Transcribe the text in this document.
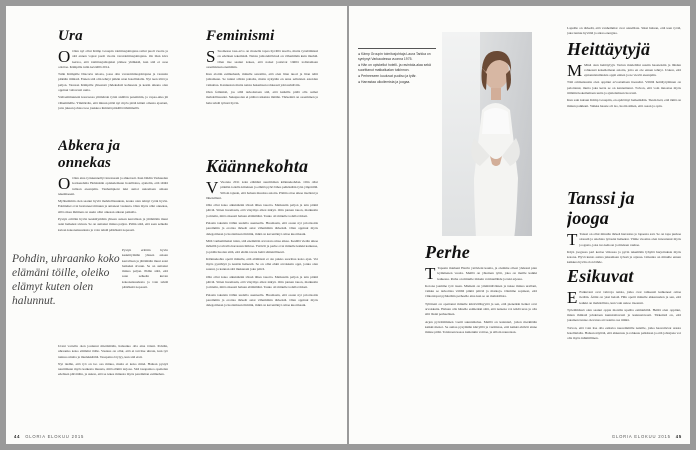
Ura

O Olen nyt ollut Kämp Groupin toimitusjohtajana reilut puoli vuotta ja sitä ennen vajaat puoli vuotta varatoimitusjohtajana. On ihan kiva kertoa, että toimitusjohtajaksi pääsee yhtäkkiä, kun sitä ei osaa odottaa. Kämpille tulin keväällä 2014.

Tulin Kämpille Diacoria talosta, jossa olin varatoimitusjohtajana ja vastasin pitkään tiimistä. Ennen sitä olin tehnyt pitkän uran hotellialalla. Nyt teen töitä ja paljon. Vastaan Kämpille yhteensä yhdeksästä kohteesta ja kesän aikana olen oppinut valtavasti uutta.

Vahvemmuuteni kasvaessa ymmärsin työni sisällön paremmin, ja vapaa-aika jäi vähemmälle. Ymmärrän, että minun pitää nyt myös pitää kiinni omasta ajastani, jotta jaksan johtaa isoa joukkoa ihmisiä pitkällä tähtäimellä.

Abkera ja onnekas

O Olen aina työskennellyt innoissani ja ahkerasti. Kun lähdin Varkauden kotiseudulta Helsinkiin opiskelemaan hotellialaa, ajattelin, että täältä tullaan eteenpäin. Vanhempieni tuki auttoi uskomaan omaan tekemiseeni.

Myöhemmin olen saanut hyviä mahdollisuuksia, koska olen tehnyt työni hyvin. Esimiehet ovat luottaneet minuun ja antaneet vastuuta. Olen myös ollut onnekas, sillä oikea ihminen on usein ollut oikeaan aikaan paikalla.

Pystyn erittäin hyvin keskittymään yhteen asiaan kerrallaan ja jättämään muut asiat hetkeksi sivuun. Se on auttanut minua paljon. Pidän siitä, että saan selkeän kuvan kokonaisuudesta ja voin tehdä päätöksiä nopeasti.

Pohdin, uhraanko koko elämäni töille, oleiko elämyt kuten olen halunnut.

Pystyn erittäin hyvin keskittymään yhteen asiaan kerrallaan ja jättämään muut asiat hetkeksi sivuun. Se on auttanut minua paljon. Pidän siitä, että saan selkeän kuvan kokonaisuudesta ja voin tehdä päätöksiä nopeasti.

Urani varrella olen joutunut miettimään, haluanko olla aina töissä. Pohdin, uhraanko koko elämäni töille. Vastaus on ollut, että ei tarvitse uhrata, kun työ tuntuu omalta ja mielekkäältä. Tasapaino löytyy, kun sitä etsii.

Nyt tiedän, että työ on iso osa minua, mutta ei koko minä. Haluan pystyä nauttimaan myös kaikesta muusta, mitä elämä tarjoaa. Sitä tasapainoa opettelen edelleen päivittäin, ja uskon, että se tekee minusta myös paremman esimiehen.

Feminismi

S Suomessa tasa-arvo on monella tapaa hyvällä tasolla, mutta työelämässä on edelleen tekemistä. Naisia johtotehtävissä on vähemmän kuin miehiä. Olen itse saanut kokea, että naiset joutuvat välillä todistamaan osaamistaan enemmän.

Kun aloitin esimiehenä, minulle sanottiin, että olen liian nuori ja liian nätti johtamaan. Se tuntui silloin pahalta, mutta nykyään en anna sellaisten asioiden vaikuttaa. Kannustan muita naisia hakemaan rohkeasti johtotehtäviin.

Olen feministi, jos sillä tarkoitetaan sitä, että kaikilla pitää olla samat mahdollisuudet. Sukupuolen ei pitäisi ratkaista mitään. Tärkeintä on osaaminen ja halu tehdä työnsä hyvin.

Käännekohta

V Vuonna 2011 koin elämäni suurimman käännekohdan. Olin ollut pitkään todella kiireinen ja elämä pyöri lähes pelkästään työn ympärillä. Silloin tajusin, että haluan muuttaa asioita. Päätin ottaa aikaa itselleni ja läheisilleni.

Olin ollut koko aikuisikäni töissä lähes tauotta. Matkustin paljon ja tein pitkiä päiviä. Sitten huomasin, että väsymys alkoi näkyä. Otin pienen tauon, matkustin ja mietin, mitä oikeasti haluan elämältäni. Tauko oli minulle todella tärkeä.

Palasin takaisin töihin uudella asenteella. Huomasin, että osaan nyt priorisoida paremmin ja erottaa tärkeät asiat vähemmän tärkeistä. Olen oppinut myös delegoimaan ja luottamaan tiimiini, mikä on keventänyt omaa kuormaani.

Mitä vanhemmaksi tulen, sitä enemmän arvostan omaa aikaa. Kesällä vietän aikaa mökillä ja talvella harrastan hiihtoa. Ystävät ja perhe ovat minulle kaikki kaikessa, ja pidän huolen siitä, että ehdin tavata heitä säännöllisesti.

Käännekohta opetti minulle, että elämässä ei ole pakko suorittaa koko ajan. Voi myös pysähtyä ja nauttia hetkestä. Se on ollut ehkä arvokkain oppi, jonka olen saanut, ja kannan sitä mukanani joka päivä.

Olin ollut koko aikuisikäni töissä lähes tauotta. Matkustin paljon ja tein pitkiä päiviä. Sitten huomasin, että väsymys alkoi näkyä. Otin pienen tauon, matkustin ja mietin, mitä oikeasti haluan elämältäni. Tauko oli minulle todella tärkeä.

Palasin takaisin töihin uudella asenteella. Huomasin, että osaan nyt priorisoida paremmin ja erottaa tärkeät asiat vähemmän tärkeistä. Olen oppinut myös delegoimaan ja luottamaan tiimiini, mikä on keventänyt omaa kuormaani.

44 GLORIA ELOKUU 2015
● Kämp Groupin toimitusjohtaja Laura Tarkka on syntynyt Varkaudessa vuonna 1975.
● Hän on opiskellut hotelli- ja ravintola-alaa sekä suorittanut matkailualan tutkinnon.
● Perheeseen kuuluvat puoliso ja tytär.
● Harrastaa ulkoilemista ja joogaa.

Lapsille on tärkeää, että vanhemmat ovat onnellisia. Siksi haluan, että teen työtä, joka tuntuu hyvältä ja antaa energiaa.

Heittäytyjä

M Minä olen heittäytyjä. Tartun mielelläni uusiin haasteisiin ja lähden rohkeasti kokeilemaan asioita, joita en ole ennen tehnyt. Uskon, että epäonnistumisista oppii eniten ja ne vievät eteenpäin.

Tätä ominaisuutta olen oppinut arvostamaan itsessäni. Välillä heittäytyminen on pelottanut, mutta joka kerta se on kannattanut. Toivon, että voin innostaa myös tiimiäni kokeilemaan uutta ja ajattelemaan luovasti.

Kun sain kutsun Kämp Groupiin, en epäröinyt hetkeäkään. Tiesin heti, että tämä on minun paikkani. Vaikka haaste oli iso, luotin siihen, että osaan ja opin.

Tanssi ja jooga

T Tanssi on ollut minulle tärkeä harrastus jo lapsesta asti. Se on tapa purkaa stressiä ja unohtaa työasiat hetkeksi. Viime vuosina olen innostunut myös joogasta, joka tuo kehoon ja mieleen rauhaa.

Käyn joogassa pari kertaa viikossa ja pyrin tekemään lyhyitä harjoituksia myös kotona. Hyvä kunto auttaa jaksamaan työssä ja arjessa. Liikunta on minulle ennen kaikkea hyvän olon lähde.

Esikuvat

E Esikuvani ovat vahvoja naisia, jotka ovat rohkeasti kulkeneet omaa tietään. Äitini on yksi heistä. Hän opetti minulle ahkeruuden ja sen, että kaikki on mahdollista, kun vain uskoo itseensä.

Työelämässä olen saanut oppia monilta upeilta esimiehiltä. Heiltä olen oppinut, miten ihmisiä johdetaan kunnioittavasti ja kannustavasti. Tärkeintä on, että jokainen tuntee olevansa arvostettu osa tiimiä.

Toivon, että voin itse olla esikuva nuoremmille naisille, jotka haaveilevat urasta hotellialalla. Haluan näyttää, että ahkeruus ja rohkeus palkitaan ja että johtajana voi olla myös inhimillinen.

Perhe

T Tapasin mieheni Harrin ystävieni kautta, ja olemme olleet yhdessä pian kymmenen vuotta. Meillä on yhteinen tytär, joka on meille kaikki kaikessa. Perhe on minulle tärkein voimanlähde ja tuki arjessa.

Kotona jaamme työt tasan. Mieheni on ymmärtäväinen ja tukee minua urallani, vaikka se tarkoittaa välillä pitkiä päiviä ja matkoja. Olemme sopineet, että viikonloput pyhitetään perheelle aina kun se on mahdollista.

Tyttäreni on opettanut minulle kärsivällisyyttä ja sen, että pienetkin hetket ovat arvokkaita. Haluan olla hänelle esimerkki siitä, että naisena voi tehdä uraa ja olla silti läsnä perheelleen.

Arjen pyörittäminen vaatii suunnittelua. Meillä on kalenteri, johon merkitään kaikki menot. Se auttaa pysymään kärryillä ja varmistaa, että kaikki ehtivät sinne minne pitää. Toisinaan kaaos kuitenkin voittaa, ja silloin nauretaan.

GLORIA ELOKUU 2015 45
